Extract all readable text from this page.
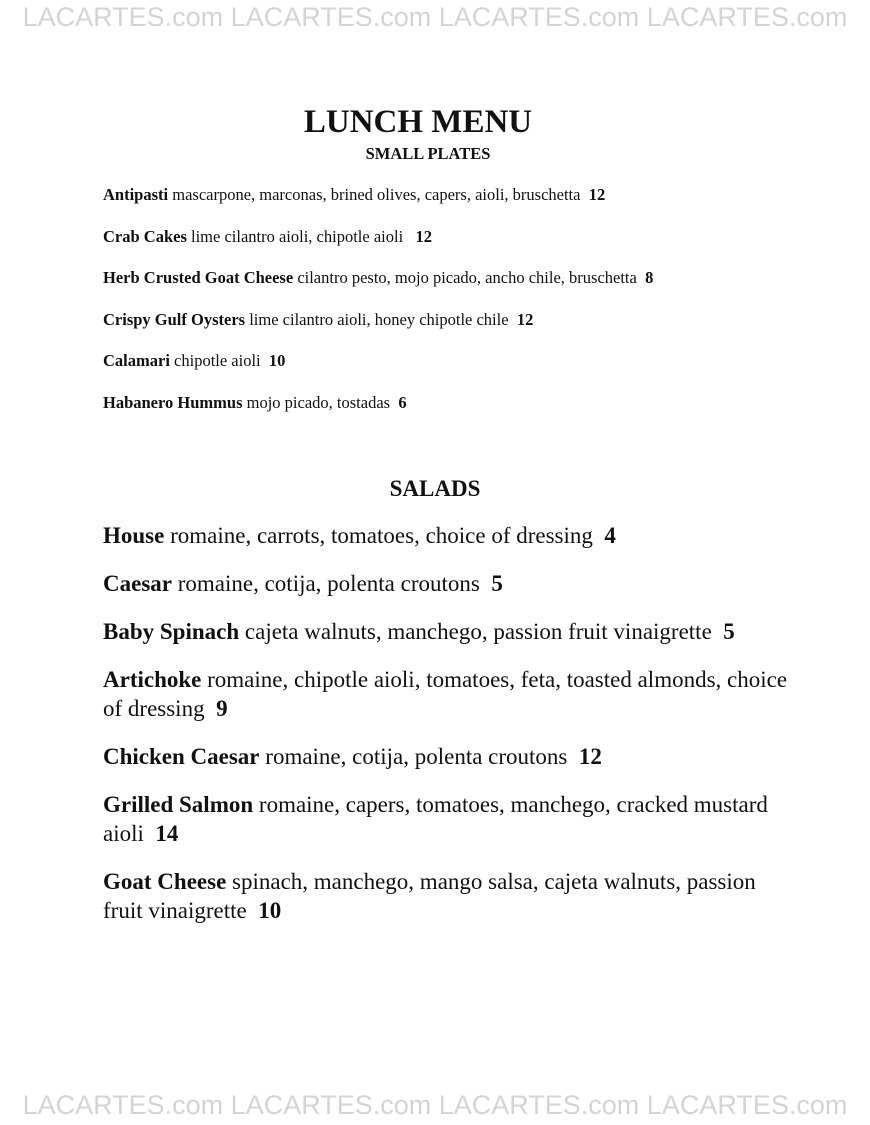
LACARTES.com LACARTES.com LACARTES.com LACARTES.com
LUNCH MENU
SMALL PLATES
Antipasti mascarpone, marconas, brined olives, capers, aioli, bruschetta 12
Crab Cakes lime cilantro aioli, chipotle aioli 12
Herb Crusted Goat Cheese cilantro pesto, mojo picado, ancho chile, bruschetta 8
Crispy Gulf Oysters lime cilantro aioli, honey chipotle chile 12
Calamari chipotle aioli 10
Habanero Hummus mojo picado, tostadas 6
SALADS
House romaine, carrots, tomatoes, choice of dressing 4
Caesar romaine, cotija, polenta croutons 5
Baby Spinach cajeta walnuts, manchego, passion fruit vinaigrette 5
Artichoke romaine, chipotle aioli, tomatoes, feta, toasted almonds, choice of dressing 9
Chicken Caesar romaine, cotija, polenta croutons 12
Grilled Salmon romaine, capers, tomatoes, manchego, cracked mustard aioli 14
Goat Cheese spinach, manchego, mango salsa, cajeta walnuts, passion fruit vinaigrette 10
LACARTES.com LACARTES.com LACARTES.com LACARTES.com
